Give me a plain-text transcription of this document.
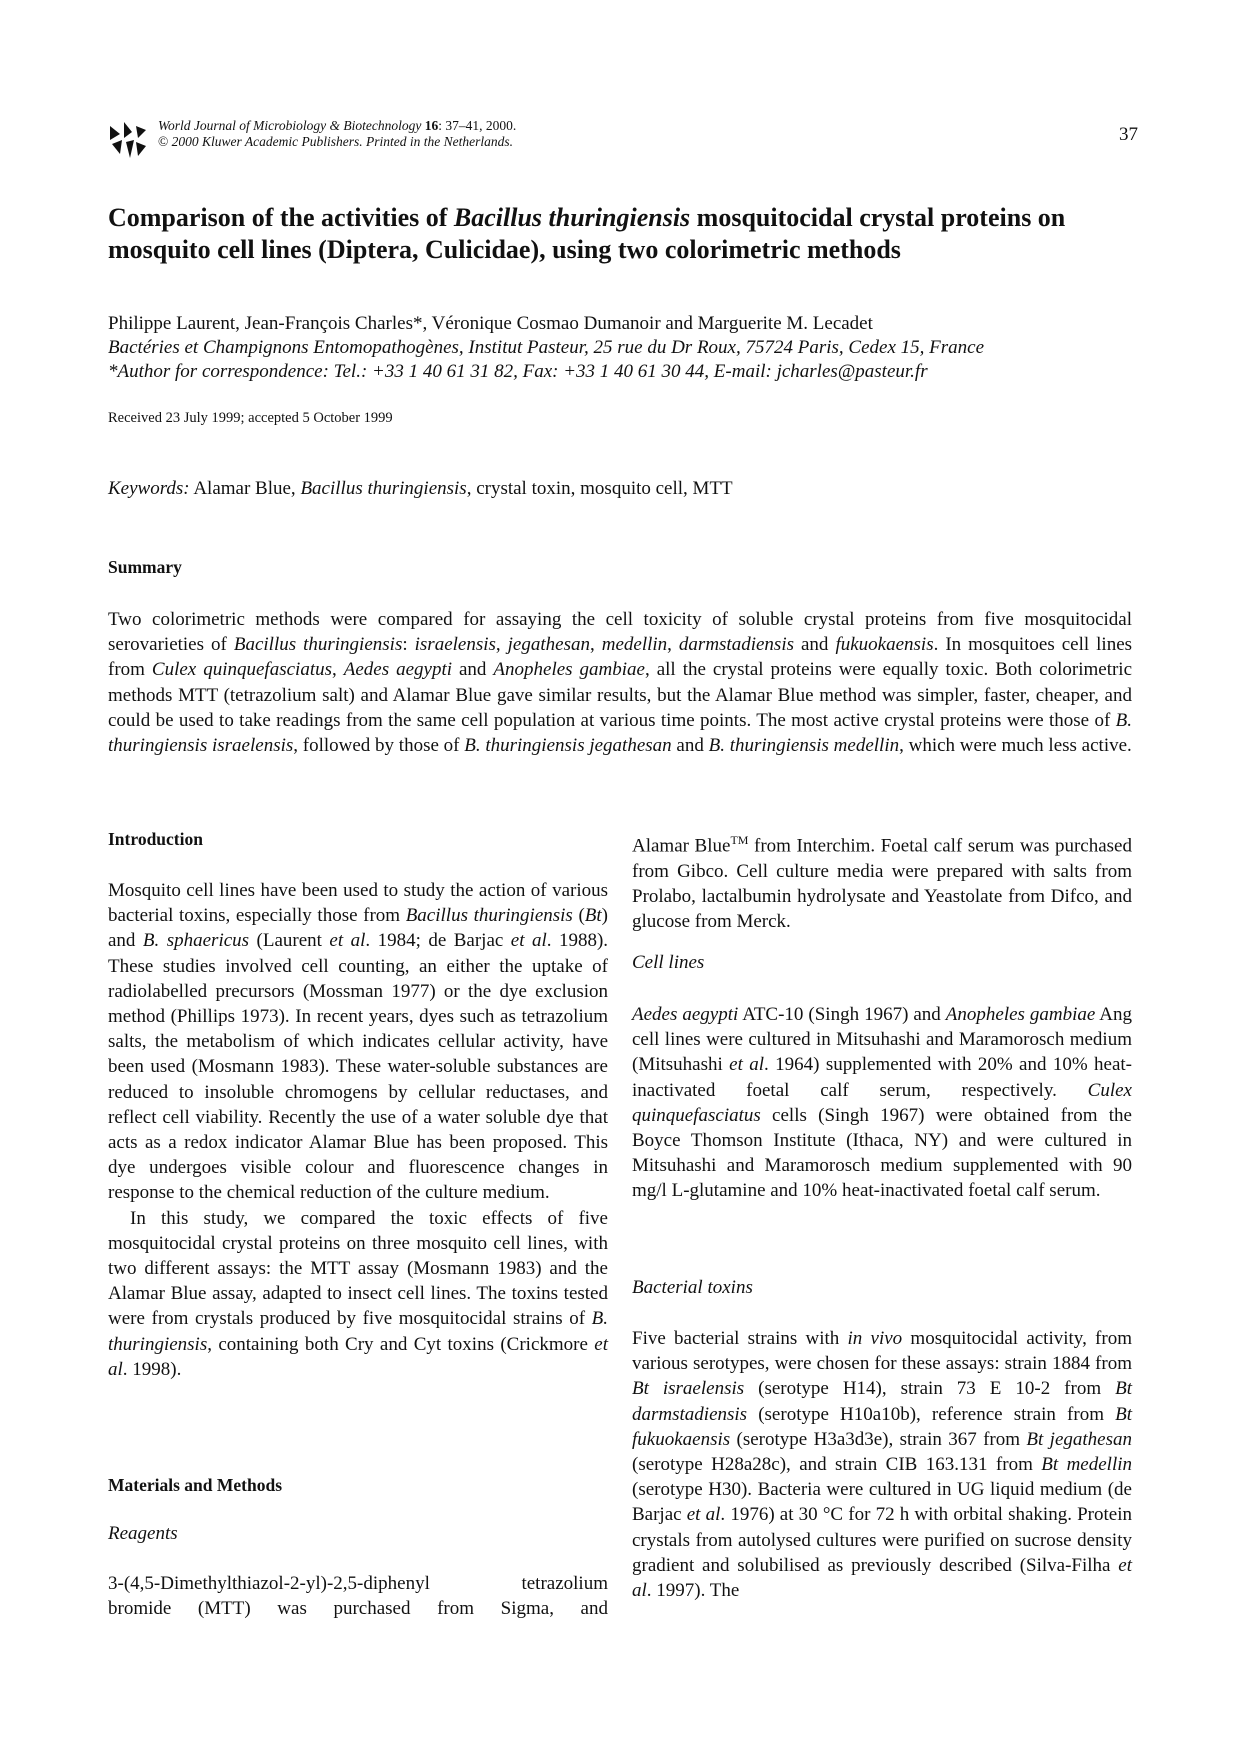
World Journal of Microbiology & Biotechnology 16: 37–41, 2000.
© 2000 Kluwer Academic Publishers. Printed in the Netherlands.	37
Comparison of the activities of Bacillus thuringiensis mosquitocidal crystal proteins on mosquito cell lines (Diptera, Culicidae), using two colorimetric methods
Philippe Laurent, Jean-François Charles*, Véronique Cosmao Dumanoir and Marguerite M. Lecadet
Bactéries et Champignons Entomopathogènes, Institut Pasteur, 25 rue du Dr Roux, 75724 Paris, Cedex 15, France
*Author for correspondence: Tel.: +33 1 40 61 31 82, Fax: +33 1 40 61 30 44, E-mail: jcharles@pasteur.fr
Received 23 July 1999; accepted 5 October 1999
Keywords: Alamar Blue, Bacillus thuringiensis, crystal toxin, mosquito cell, MTT
Summary

Two colorimetric methods were compared for assaying the cell toxicity of soluble crystal proteins from five mosquitocidal serovarieties of Bacillus thuringiensis: israelensis, jegathesan, medellin, darmstadiensis and fukuokaensis. In mosquitoes cell lines from Culex quinquefasciatus, Aedes aegypti and Anopheles gambiae, all the crystal proteins were equally toxic. Both colorimetric methods MTT (tetrazolium salt) and Alamar Blue gave similar results, but the Alamar Blue method was simpler, faster, cheaper, and could be used to take readings from the same cell population at various time points. The most active crystal proteins were those of B. thuringiensis israelensis, followed by those of B. thuringiensis jegathesan and B. thuringiensis medellin, which were much less active.

Introduction

Mosquito cell lines have been used to study the action of various bacterial toxins, especially those from Bacillus thuringiensis (Bt) and B. sphaericus (Laurent et al. 1984; de Barjac et al. 1988). These studies involved cell counting, an either the uptake of radiolabelled precursors (Mossman 1977) or the dye exclusion method (Phillips 1973). In recent years, dyes such as tetrazolium salts, the metabolism of which indicates cellular activity, have been used (Mosmann 1983). These water-soluble substances are reduced to insoluble chromogens by cellular reductases, and reflect cell viability. Recently the use of a water soluble dye that acts as a redox indicator Alamar Blue has been proposed. This dye undergoes visible colour and fluorescence changes in response to the chemical reduction of the culture medium.

In this study, we compared the toxic effects of five mosquitocidal crystal proteins on three mosquito cell lines, with two different assays: the MTT assay (Mosmann 1983) and the Alamar Blue assay, adapted to insect cell lines. The toxins tested were from crystals produced by five mosquitocidal strains of B. thuringiensis, containing both Cry and Cyt toxins (Crickmore et al. 1998).

Materials and Methods
Reagents
3-(4,5-Dimethylthiazol-2-yl)-2,5-diphenyl	tetrazolium
bromide (MTT) was purchased from Sigma, and

Alamar Blue™ from Interchim. Foetal calf serum was purchased from Gibco. Cell culture media were prepared with salts from Prolabo, lactalbumin hydrolysate and Yeastolate from Difco, and glucose from Merck.

Cell lines

Aedes aegypti ATC-10 (Singh 1967) and Anopheles gambiae Ang cell lines were cultured in Mitsuhashi and Maramorosch medium (Mitsuhashi et al. 1964) supplemented with 20% and 10% heat-inactivated foetal calf serum, respectively. Culex quinquefasciatus cells (Singh 1967) were obtained from the Boyce Thomson Institute (Ithaca, NY) and were cultured in Mitsuhashi and Maramorosch medium supplemented with 90 mg/l L-glutamine and 10% heat-inactivated foetal calf serum.

Bacterial toxins

Five bacterial strains with in vivo mosquitocidal activity, from various serotypes, were chosen for these assays: strain 1884 from Bt israelensis (serotype H14), strain 73 E 10-2 from Bt darmstadiensis (serotype H10a10b), reference strain from Bt fukuokaensis (serotype H3a3d3e), strain 367 from Bt jegathesan (serotype H28a28c), and strain CIB 163.131 from Bt medellin (serotype H30). Bacteria were cultured in UG liquid medium (de Barjac et al. 1976) at 30 °C for 72 h with orbital shaking. Protein crystals from autolysed cultures were purified on sucrose density gradient and solubilised as previously described (Silva-Filha et al. 1997). The
